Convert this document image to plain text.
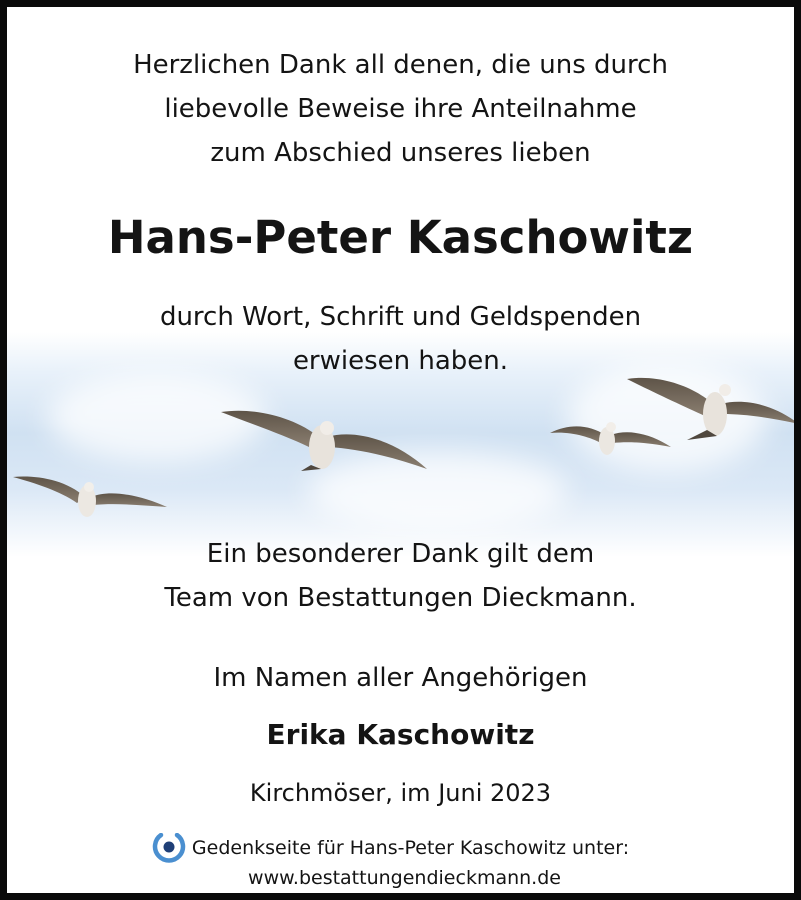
Herzlichen Dank all denen, die uns durch
liebevolle Beweise ihre Anteilnahme
zum Abschied unseres lieben
Hans-Peter Kaschowitz
durch Wort, Schrift und Geldspenden
erwiesen haben.
Ein besonderer Dank gilt dem
Team von Bestattungen Dieckmann.
Im Namen aller Angehörigen
Erika Kaschowitz
Kirchmöser, im Juni 2023
Gedenkseite für Hans-Peter Kaschowitz unter:
www.bestattungendieckmann.de
